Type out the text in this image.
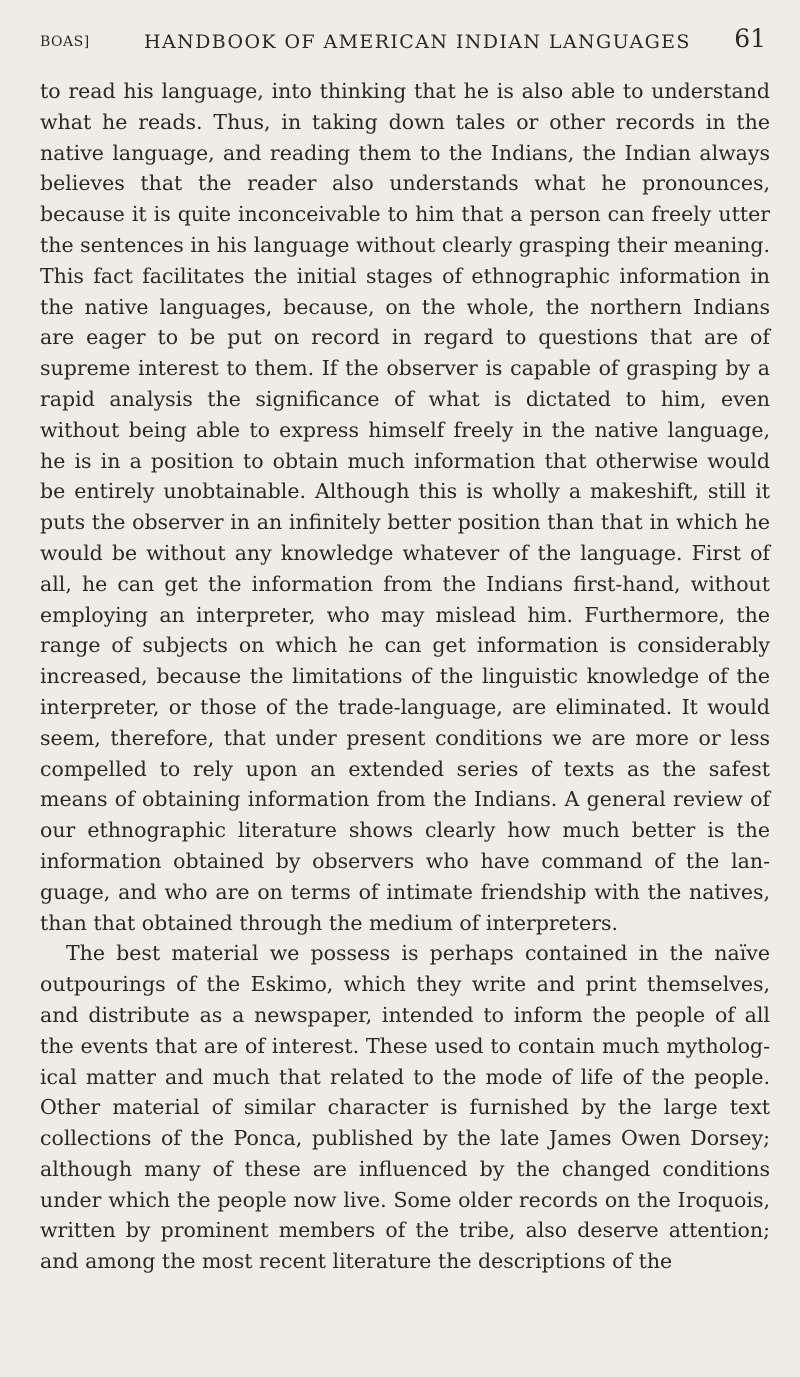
BOAS]	HANDBOOK OF AMERICAN INDIAN LANGUAGES 61

to read his language, into thinking that he is also able to understand what he reads. Thus, in taking down tales or other records in the native language, and reading them to the Indians, the Indian always believes that the reader also understands what he pronounces, because it is quite inconceivable to him that a person can freely utter the sentences in his language without clearly grasping their meaning. This fact facilitates the initial stages of ethnographic information in the native languages, because, on the whole, the northern Indians are eager to be put on record in regard to questions that are of supreme interest to them. If the observer is capable of grasping by a rapid analysis the significance of what is dictated to him, even without being able to express himself freely in the native language, he is in a position to obtain much information that otherwise would be entirely unobtainable. Although this is wholly a makeshift, still it puts the observer in an infinitely better position than that in which he would be without any knowledge whatever of the language. First of all, he can get the information from the Indians first-hand, without employing an interpreter, who may mislead him. Furthermore, the range of subjects on which he can get information is considerably increased, because the limitations of the linguistic knowledge of the interpreter, or those of the trade-language, are eliminated. It would seem, therefore, that under present conditions we are more or less compelled to rely upon an extended series of texts as the safest means of obtaining information from the Indians. A general review of our ethnographic literature shows clearly how much better is the information obtained by observers who have command of the language, and who are on terms of intimate friendship with the natives, than that obtained through the medium of interpreters.

The best material we possess is perhaps contained in the naïve outpourings of the Eskimo, which they write and print themselves, and distribute as a newspaper, intended to inform the people of all the events that are of interest. These used to contain much mythological matter and much that related to the mode of life of the people. Other material of similar character is furnished by the large text collections of the Ponca, published by the late James Owen Dorsey; although many of these are influenced by the changed conditions under which the people now live. Some older records on the Iroquois, written by prominent members of the tribe, also deserve attention; and among the most recent literature the descriptions of the
